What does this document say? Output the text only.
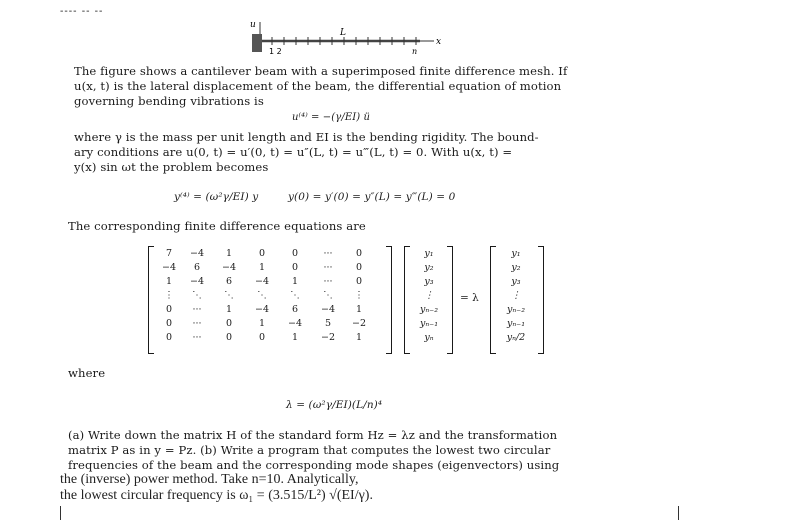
---- -- --
u
x
L
1 2	n
The figure shows a cantilever beam with a superimposed finite difference mesh. If
u(x, t) is the lateral displacement of the beam, the differential equation of motion
governing bending vibrations is
u⁽⁴⁾ = −(γ/EI) ü
where γ is the mass per unit length and EI is the bending rigidity. The bound-
ary conditions are u(0, t) = u′(0, t) = u″(L, t) = u‴(L, t) = 0. With u(x, t) =
y(x) sin ωt the problem becomes
y⁽⁴⁾ = (ω²γ/EI) y	y(0) = y′(0) = y″(L) = y‴(L) = 0
The corresponding finite difference equations are
7	−4	1	0	0	···	0
−4	6	−4	1	0	···	0
1	−4	6	−4	1	···	0
⋮	⋱	⋱	⋱	⋱	⋱	⋮
0	···	1	−4	6	−4	1
0	···	0	1	−4	5	−2
0	···	0	0	1	−2	1
y₁
y₂
y₃
⋮
yₙ₋₂
yₙ₋₁
yₙ
= λ
y₁
y₂
y₃
⋮
yₙ₋₂
yₙ₋₁
yₙ/2
where
λ = (ω²γ/EI)(L/n)⁴
(a) Write down the matrix H of the standard form Hz = λz and the transformation
matrix P as in y = Pz. (b) Write a program that computes the lowest two circular
frequencies of the beam and the corresponding mode shapes (eigenvectors) using
the (inverse) power method. Take n=10. Analytically,
the lowest circular frequency is ω₁ = (3.515/L²) √(EI/γ).
